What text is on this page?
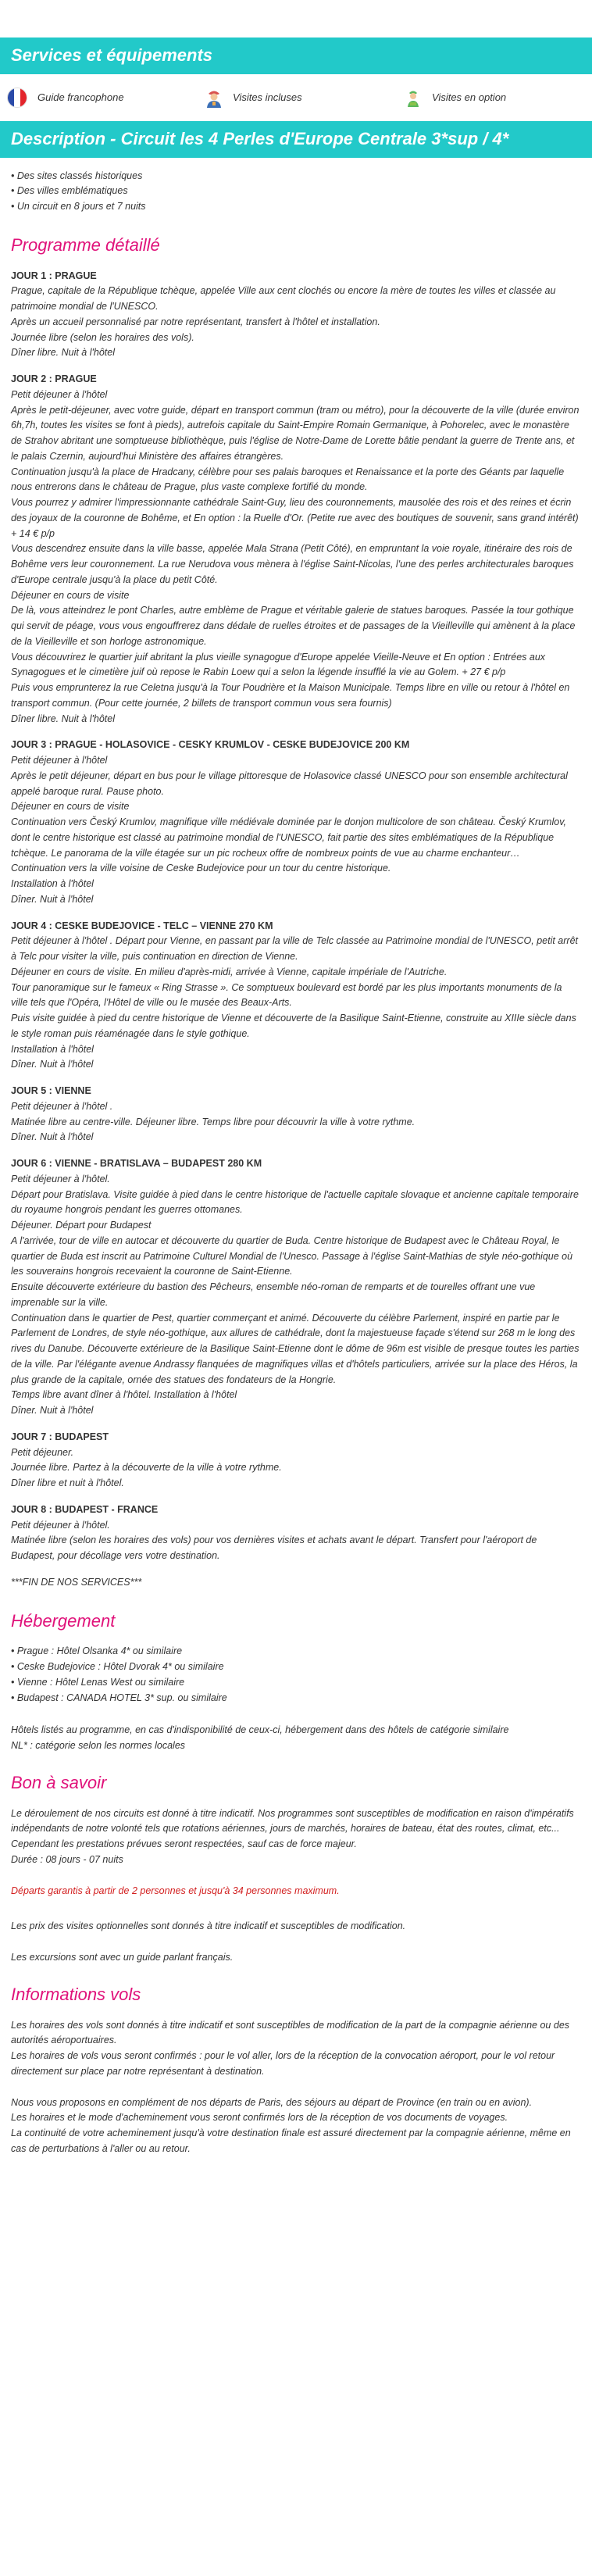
Services et équipements
Guide francophone	Visites incluses	Visites en option
Description - Circuit les 4 Perles d'Europe Centrale 3*sup / 4*
• Des sites classés historiques
• Des villes emblématiques
• Un circuit en 8 jours et 7 nuits
Programme détaillé

JOUR 1 : PRAGUE

Prague, capitale de la République tchèque, appelée Ville aux cent clochés ou encore la mère de toutes les villes et classée au patrimoine mondial de l'UNESCO.

Après un accueil personnalisé par notre représentant, transfert à l'hôtel et installation.

Journée libre (selon les horaires des vols).

Dîner libre. Nuit à l'hôtel

JOUR 2 : PRAGUE

Petit déjeuner à l'hôtel

Après le petit-déjeuner, avec votre guide, départ en transport commun (tram ou métro), pour la découverte de la ville (durée environ 6h,7h, toutes les visites se font à pieds), autrefois capitale du Saint-Empire Romain Germanique, à Pohorelec, avec le monastère de Strahov abritant une somptueuse bibliothèque, puis l'église de Notre-Dame de Lorette bâtie pendant la guerre de Trente ans, et le palais Czernin, aujourd'hui Ministère des affaires étrangères.

Continuation jusqu'à la place de Hradcany, célèbre pour ses palais baroques et Renaissance et la porte des Géants par laquelle nous entrerons dans le château de Prague, plus vaste complexe fortifié du monde.

Vous pourrez y admirer l'impressionnante cathédrale Saint-Guy, lieu des couronnements, mausolée des rois et des reines et écrin des joyaux de la couronne de Bohême, et En option : la Ruelle d'Or. (Petite rue avec des boutiques de souvenir, sans grand intérêt) + 14 € p/p

Vous descendrez ensuite dans la ville basse, appelée Mala Strana (Petit Côté), en empruntant la voie royale, itinéraire des rois de Bohême vers leur couronnement. La rue Nerudova vous mènera à l'église Saint-Nicolas, l'une des perles architecturales baroques d'Europe centrale jusqu'à la place du petit Côté.

Déjeuner en cours de visite

De là, vous atteindrez le pont Charles, autre emblème de Prague et véritable galerie de statues baroques. Passée la tour gothique qui servit de péage, vous vous engouffrerez dans dédale de ruelles étroites et de passages de la Vieilleville qui amènent à la place de la Vieilleville et son horloge astronomique.

Vous découvrirez le quartier juif abritant la plus vieille synagogue d'Europe appelée Vieille-Neuve et En option : Entrées aux Synagogues et le cimetière juif où repose le Rabin Loew qui a selon la légende insufflé la vie au Golem. + 27 € p/p

Puis vous emprunterez la rue Celetna jusqu'à la Tour Poudrière et la Maison Municipale. Temps libre en ville ou retour à l'hôtel en transport commun. (Pour cette journée, 2 billets de transport commun vous sera fournis)

Dîner libre. Nuit à l'hôtel

JOUR 3 : PRAGUE - HOLASOVICE - CESKY KRUMLOV - CESKE BUDEJOVICE 200 KM

Petit déjeuner à l'hôtel

Après le petit déjeuner, départ en bus pour le village pittoresque de Holasovice classé UNESCO pour son ensemble architectural appelé baroque rural. Pause photo.

Déjeuner en cours de visite

Continuation vers Český Krumlov, magnifique ville médiévale dominée par le donjon multicolore de son château. Český Krumlov, dont le centre historique est classé au patrimoine mondial de l'UNESCO, fait partie des sites emblématiques de la République tchèque. Le panorama de la ville étagée sur un pic rocheux offre de nombreux points de vue au charme enchanteur…

Continuation vers la ville voisine de Ceske Budejovice pour un tour du centre historique.

Installation à l'hôtel

Dîner. Nuit à l'hôtel

JOUR 4 : CESKE BUDEJOVICE - TELC – VIENNE 270 KM

Petit déjeuner à l'hôtel . Départ pour Vienne, en passant par la ville de Telc classée au Patrimoine mondial de l'UNESCO, petit arrêt à Telc pour visiter la ville, puis continuation en direction de Vienne.

Déjeuner en cours de visite. En milieu d'après-midi, arrivée à Vienne, capitale impériale de l'Autriche.

Tour panoramique sur le fameux « Ring Strasse ». Ce somptueux boulevard est bordé par les plus importants monuments de la ville tels que l'Opéra, l'Hôtel de ville ou le musée des Beaux-Arts.

Puis visite guidée à pied du centre historique de Vienne et découverte de la Basilique Saint-Etienne, construite au XIIIe siècle dans le style roman puis réaménagée dans le style gothique.

Installation à l'hôtel

Dîner. Nuit à l'hôtel

JOUR 5 : VIENNE

Petit déjeuner à l'hôtel .

Matinée libre au centre-ville. Déjeuner libre. Temps libre pour découvrir la ville à votre rythme.

Dîner. Nuit à l'hôtel

JOUR 6 : VIENNE - BRATISLAVA – BUDAPEST 280 KM

Petit déjeuner à l'hôtel.

Départ pour Bratislava. Visite guidée à pied dans le centre historique de l'actuelle capitale slovaque et ancienne capitale temporaire du royaume hongrois pendant les guerres ottomanes.

Déjeuner. Départ pour Budapest

A l'arrivée, tour de ville en autocar et découverte du quartier de Buda. Centre historique de Budapest avec le Château Royal, le quartier de Buda est inscrit au Patrimoine Culturel Mondial de l'Unesco. Passage à l'église Saint-Mathias de style néo-gothique où les souverains hongrois recevaient la couronne de Saint-Etienne.

Ensuite découverte extérieure du bastion des Pêcheurs, ensemble néo-roman de remparts et de tourelles offrant une vue imprenable sur la ville.

Continuation dans le quartier de Pest, quartier commerçant et animé. Découverte du célèbre Parlement, inspiré en partie par le Parlement de Londres, de style néo-gothique, aux allures de cathédrale, dont la majestueuse façade s'étend sur 268 m le long des rives du Danube. Découverte extérieure de la Basilique Saint-Etienne dont le dôme de 96m est visible de presque toutes les parties de la ville. Par l'élégante avenue Andrassy flanquées de magnifiques villas et d'hôtels particuliers, arrivée sur la place des Héros, la plus grande de la capitale, ornée des statues des fondateurs de la Hongrie.

Temps libre avant dîner à l'hôtel. Installation à l'hôtel

Dîner. Nuit à l'hôtel

JOUR 7 : BUDAPEST

Petit déjeuner.

Journée libre. Partez à la découverte de la ville à votre rythme.

Dîner libre et nuit à l'hôtel.

JOUR 8 : BUDAPEST - FRANCE

Petit déjeuner à l'hôtel.

Matinée libre (selon les horaires des vols) pour vos dernières visites et achats avant le départ. Transfert pour l'aéroport de Budapest, pour décollage vers votre destination.

***FIN DE NOS SERVICES***

Hébergement
• Prague : Hôtel Olsanka 4* ou similaire
• Ceske Budejovice : Hôtel Dvorak 4* ou similaire
• Vienne : Hôtel Lenas West ou similaire
• Budapest : CANADA HOTEL 3* sup. ou similaire

Hôtels listés au programme, en cas d'indisponibilité de ceux-ci, hébergement dans des hôtels de catégorie similaire

NL* : catégorie selon les normes locales

Bon à savoir

Le déroulement de nos circuits est donné à titre indicatif. Nos programmes sont susceptibles de modification en raison d'impératifs indépendants de notre volonté tels que rotations aériennes, jours de marchés, horaires de bateau, état des routes, climat, etc... Cependant les prestations prévues seront respectées, sauf cas de force majeur.

Durée : 08 jours - 07 nuits

Départs garantis à partir de 2 personnes et jusqu'à 34 personnes maximum.

Les prix des visites optionnelles sont donnés à titre indicatif et susceptibles de modification.

Les excursions sont avec un guide parlant français.

Informations vols

Les horaires des vols sont donnés à titre indicatif et sont susceptibles de modification de la part de la compagnie aérienne ou des autorités aéroportuaires.

Les horaires de vols vous seront confirmés : pour le vol aller, lors de la réception de la convocation aéroport, pour le vol retour directement sur place par notre représentant à destination.

Nous vous proposons en complément de nos départs de Paris, des séjours au départ de Province (en train ou en avion).

Les horaires et le mode d'acheminement vous seront confirmés lors de la réception de vos documents de voyages.

La continuité de votre acheminement jusqu'à votre destination finale est assuré directement par la compagnie aérienne, même en cas de perturbations à l'aller ou au retour.
